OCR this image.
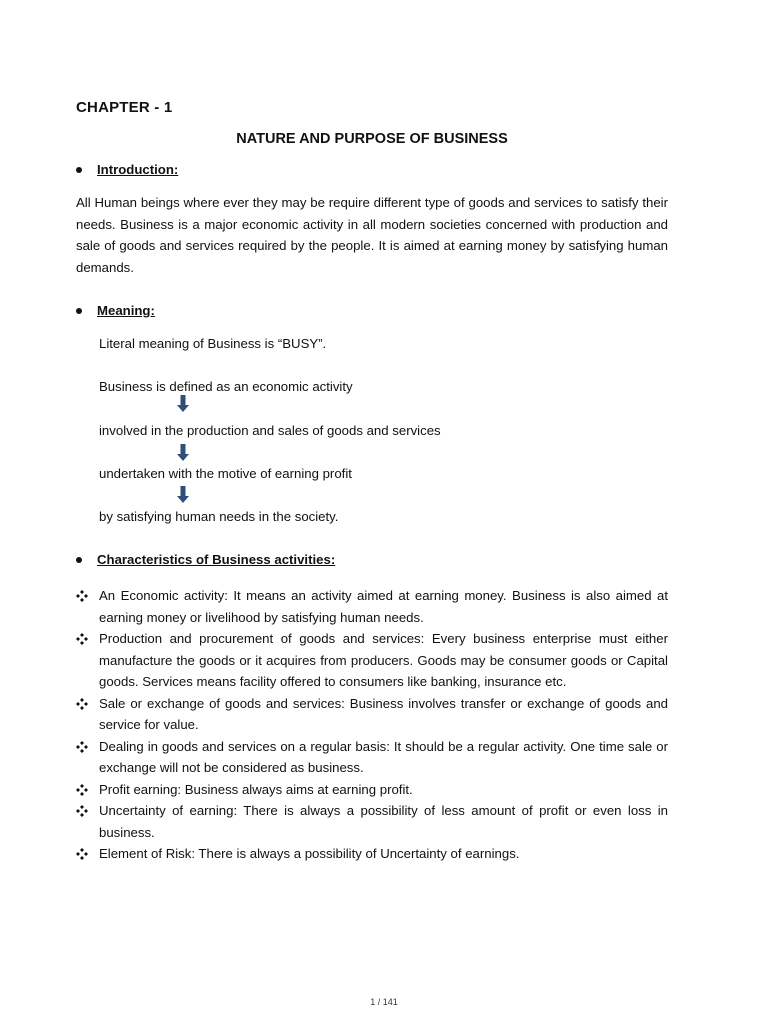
CHAPTER - 1
NATURE AND PURPOSE OF BUSINESS
Introduction:

All Human beings where ever they may be require different type of goods and services to satisfy their needs. Business is a major economic activity in all modern societies concerned with production and sale of goods and services required by the people. It is aimed at earning money by satisfying human demands.

Meaning:
Literal meaning of Business is “BUSY”.
Business is defined as an economic activity
involved in the production and sales of goods and services
undertaken with the motive of earning profit
by satisfying human needs in the society.
Characteristics of Business activities:
An Economic activity: It means an activity aimed at earning money. Business is also aimed at earning money or livelihood by satisfying human needs.
Production and procurement of goods and services: Every business enterprise must either manufacture the goods or it acquires from producers. Goods may be consumer goods or Capital goods. Services means facility offered to consumers like banking, insurance etc.
Sale or exchange of goods and services: Business involves transfer or exchange of goods and service for value.
Dealing in goods and services on a regular basis: It should be a regular activity. One time sale or exchange will not be considered as business.
Profit earning: Business always aims at earning profit.
Uncertainty of earning: There is always a possibility of less amount of profit or even loss in business.
Element of Risk: There is always a possibility of Uncertainty of earnings.
1 / 141
